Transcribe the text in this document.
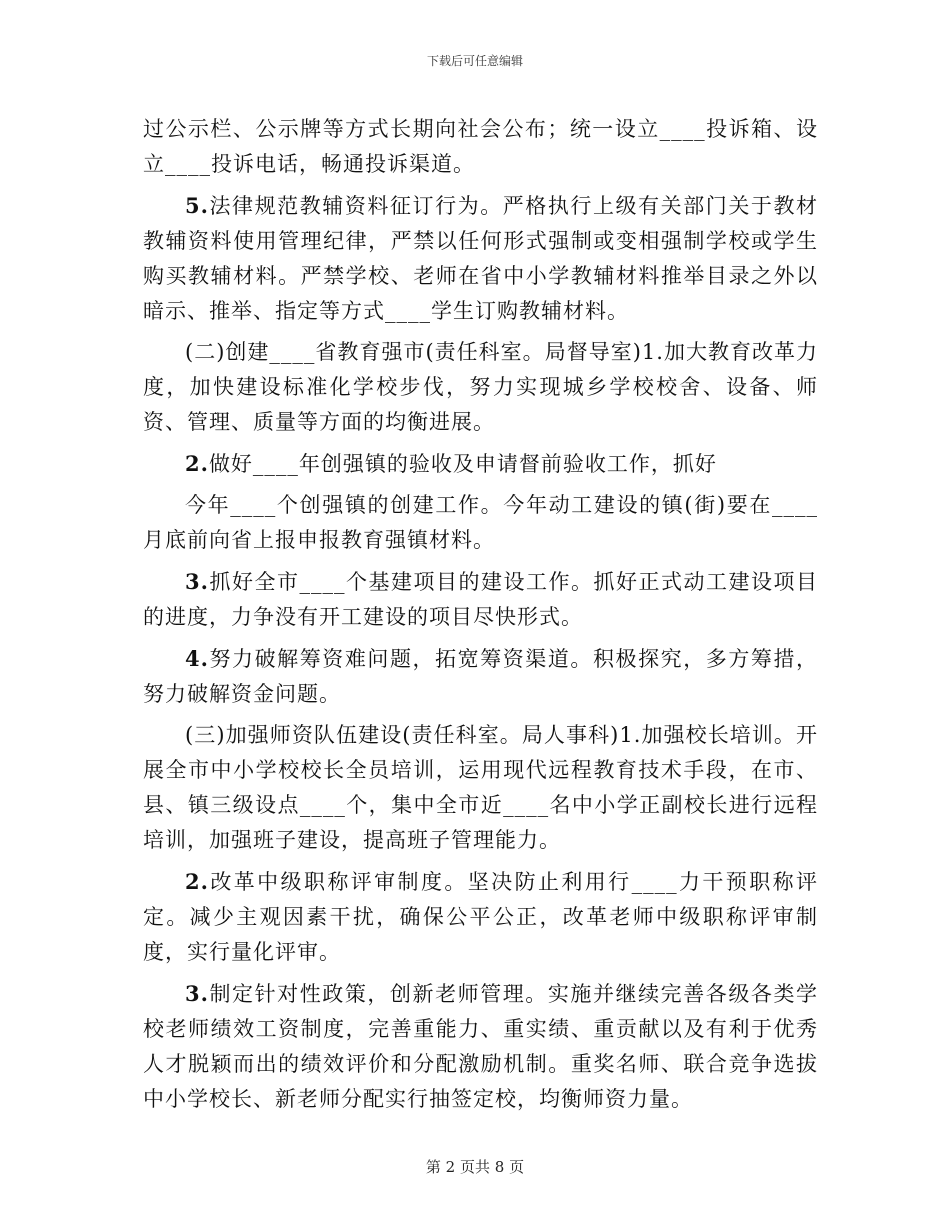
下载后可任意编辑

过公示栏、公示牌等方式长期向社会公布；统一设立____投诉箱、设立____投诉电话，畅通投诉渠道。

5.法律规范教辅资料征订行为。严格执行上级有关部门关于教材教辅资料使用管理纪律，严禁以任何形式强制或变相强制学校或学生购买教辅材料。严禁学校、老师在省中小学教辅材料推举目录之外以暗示、推举、指定等方式____学生订购教辅材料。

(二)创建____省教育强市(责任科室。局督导室)1.加大教育改革力度，加快建设标准化学校步伐，努力实现城乡学校校舍、设备、师资、管理、质量等方面的均衡进展。

2.做好____年创强镇的验收及申请督前验收工作，抓好

今年____个创强镇的创建工作。今年动工建设的镇(街)要在____月底前向省上报申报教育强镇材料。

3.抓好全市____个基建项目的建设工作。抓好正式动工建设项目的进度，力争没有开工建设的项目尽快形式。

4.努力破解筹资难问题，拓宽筹资渠道。积极探究，多方筹措，努力破解资金问题。

(三)加强师资队伍建设(责任科室。局人事科)1.加强校长培训。开展全市中小学校校长全员培训，运用现代远程教育技术手段，在市、县、镇三级设点____个，集中全市近____名中小学正副校长进行远程培训，加强班子建设，提高班子管理能力。

2.改革中级职称评审制度。坚决防止利用行____力干预职称评定。减少主观因素干扰，确保公平公正，改革老师中级职称评审制度，实行量化评审。

3.制定针对性政策，创新老师管理。实施并继续完善各级各类学校老师绩效工资制度，完善重能力、重实绩、重贡献以及有利于优秀人才脱颖而出的绩效评价和分配激励机制。重奖名师、联合竞争选拔中小学校长、新老师分配实行抽签定校，均衡师资力量。

第 2 页共 8 页
